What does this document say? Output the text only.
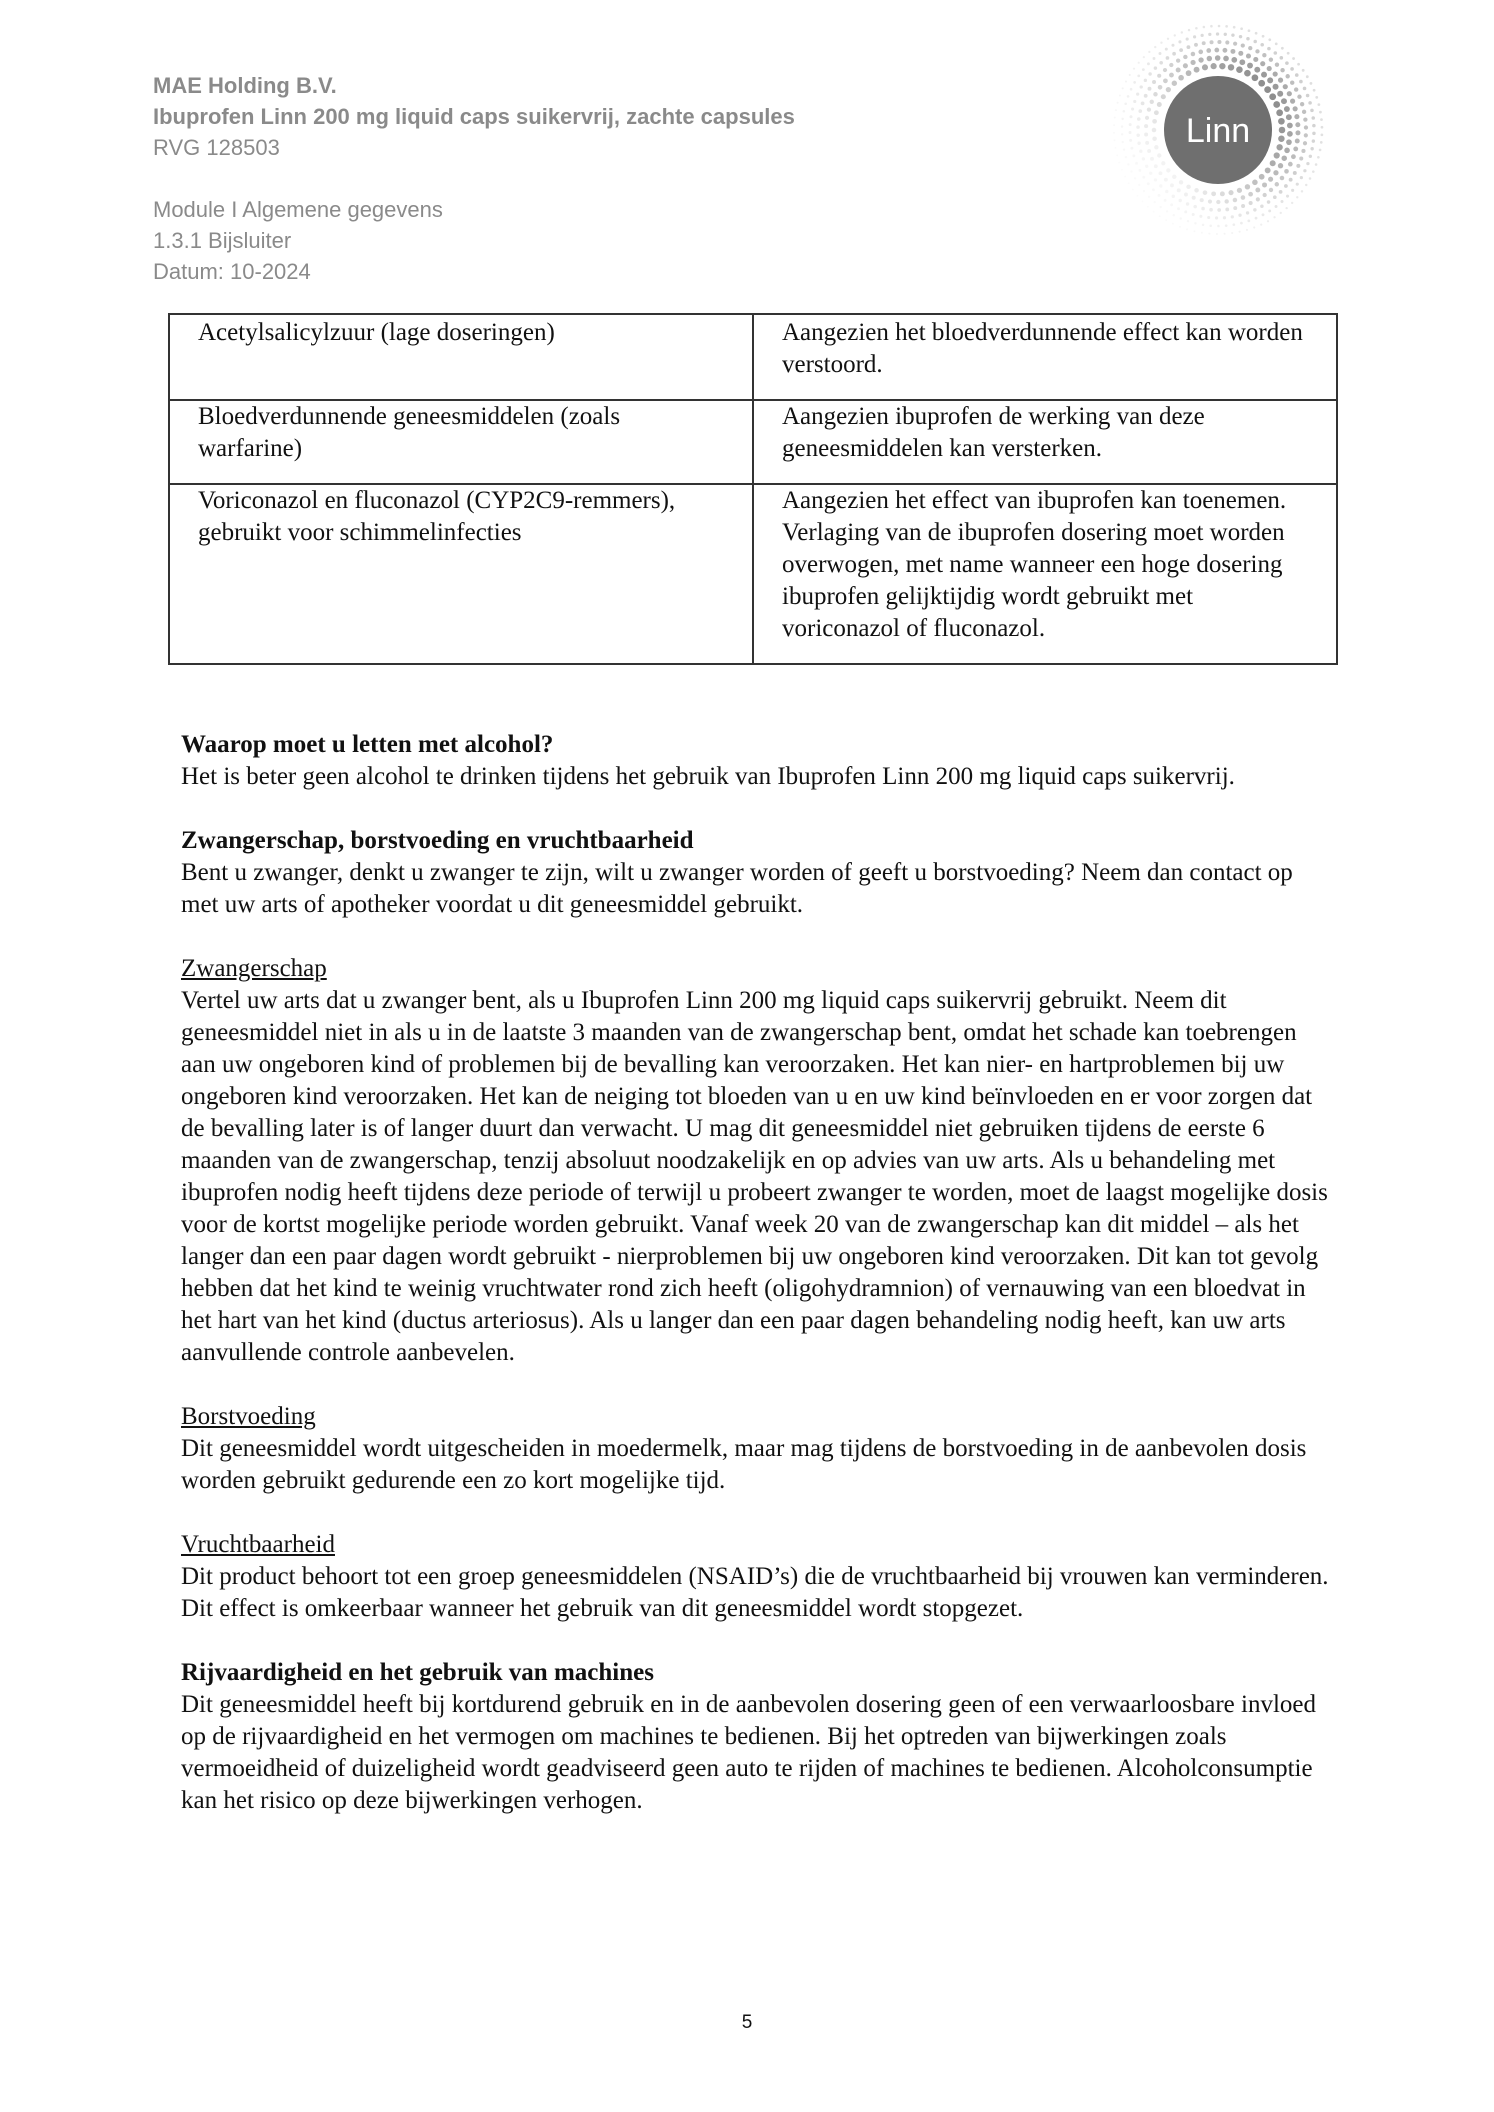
MAE Holding B.V.
Ibuprofen Linn 200 mg liquid caps suikervrij, zachte capsules
RVG 128503
Module I Algemene gegevens
1.3.1 Bijsluiter
Datum: 10-2024
Linn
Acetylsalicylzuur (lage doseringen)	Aangezien het bloedverdunnende effect kan worden verstoord.
Bloedverdunnende geneesmiddelen (zoals warfarine)	Aangezien ibuprofen de werking van deze geneesmiddelen kan versterken.
Voriconazol en fluconazol (CYP2C9-remmers), gebruikt voor schimmelinfecties	Aangezien het effect van ibuprofen kan toenemen. Verlaging van de ibuprofen dosering moet worden overwogen, met name wanneer een hoge dosering ibuprofen gelijktijdig wordt gebruikt met voriconazol of fluconazol.
Waarop moet u letten met alcohol?

Het is beter geen alcohol te drinken tijdens het gebruik van Ibuprofen Linn 200 mg liquid caps suikervrij.

Zwangerschap, borstvoeding en vruchtbaarheid

Bent u zwanger, denkt u zwanger te zijn, wilt u zwanger worden of geeft u borstvoeding? Neem dan contact op met uw arts of apotheker voordat u dit geneesmiddel gebruikt.

Zwangerschap

Vertel uw arts dat u zwanger bent, als u Ibuprofen Linn 200 mg liquid caps suikervrij gebruikt. Neem dit geneesmiddel niet in als u in de laatste 3 maanden van de zwangerschap bent, omdat het schade kan toebrengen aan uw ongeboren kind of problemen bij de bevalling kan veroorzaken. Het kan nier- en hartproblemen bij uw ongeboren kind veroorzaken. Het kan de neiging tot bloeden van u en uw kind beïnvloeden en er voor zorgen dat de bevalling later is of langer duurt dan verwacht. U mag dit geneesmiddel niet gebruiken tijdens de eerste 6 maanden van de zwangerschap, tenzij absoluut noodzakelijk en op advies van uw arts. Als u behandeling met ibuprofen nodig heeft tijdens deze periode of terwijl u probeert zwanger te worden, moet de laagst mogelijke dosis voor de kortst mogelijke periode worden gebruikt. Vanaf week 20 van de zwangerschap kan dit middel – als het langer dan een paar dagen wordt gebruikt - nierproblemen bij uw ongeboren kind veroorzaken. Dit kan tot gevolg hebben dat het kind te weinig vruchtwater rond zich heeft (oligohydramnion) of vernauwing van een bloedvat in het hart van het kind (ductus arteriosus). Als u langer dan een paar dagen behandeling nodig heeft, kan uw arts aanvullende controle aanbevelen.

Borstvoeding

Dit geneesmiddel wordt uitgescheiden in moedermelk, maar mag tijdens de borstvoeding in de aanbevolen dosis worden gebruikt gedurende een zo kort mogelijke tijd.

Vruchtbaarheid

Dit product behoort tot een groep geneesmiddelen (NSAID’s) die de vruchtbaarheid bij vrouwen kan verminderen. Dit effect is omkeerbaar wanneer het gebruik van dit geneesmiddel wordt stopgezet.

Rijvaardigheid en het gebruik van machines

Dit geneesmiddel heeft bij kortdurend gebruik en in de aanbevolen dosering geen of een verwaarloosbare invloed op de rijvaardigheid en het vermogen om machines te bedienen. Bij het optreden van bijwerkingen zoals vermoeidheid of duizeligheid wordt geadviseerd geen auto te rijden of machines te bedienen. Alcoholconsumptie kan het risico op deze bijwerkingen verhogen.

5
